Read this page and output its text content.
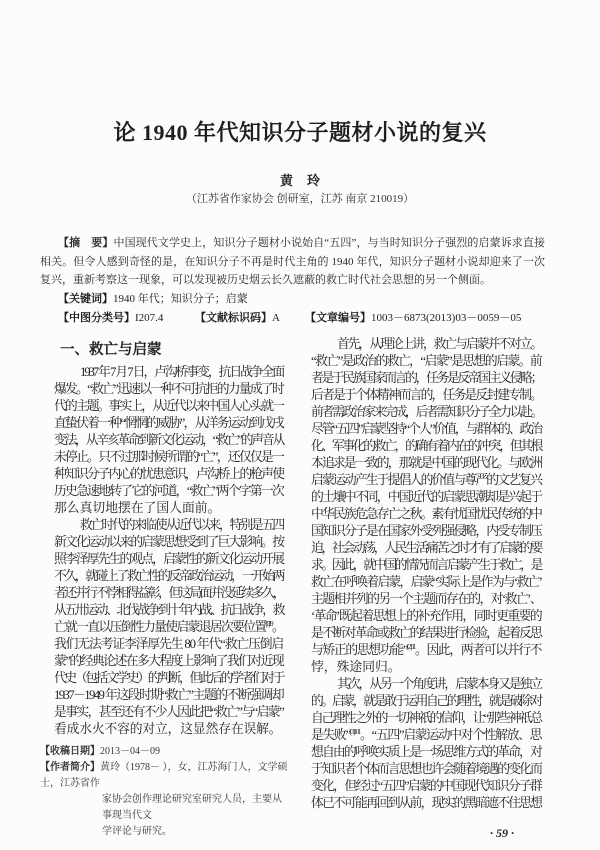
论 1940 年代知识分子题材小说的复兴
黄玲
（江苏省作家协会 创研室，江苏 南京 210019）
【摘　要】中国现代文学史上，知识分子题材小说始自“五四”，与当时知识分子强烈的启蒙诉求直接相关。但令人感到奇怪的是，在知识分子不再是时代主角的 1940 年代，知识分子题材小说却迎来了一次复兴，重新考察这一现象，可以发现被历史烟云长久遮蔽的救亡时代社会思想的另一个侧面。
【关键词】1940 年代；知识分子；启蒙
【中图分类号】I207.4	【文献标识码】A 【文章编号】1003－6873(2013)03－0059－05
一、救亡与启蒙
1937 年 7 月 7 日，卢沟桥事变，抗日战争全面
爆发。“救亡”迅速以一种不可抗拒的力量成了时
代的主题。事实上，从近代以来中国人心头就一
直蛰伏着一种“惘惘的威胁”，从洋务运动到戊戌
变法，从辛亥革命到新文化运动，“救亡”的声音从
未停止。只不过那时候所谓的“亡”，还仅仅是一
种知识分子内心的忧患意识，卢沟桥上的枪声使
历史急速地转了它的河道，“救亡”两个字第一次
那么真切地摆在了国人面前。
救亡时代的来临使从近代以来，特别是五四
新文化运动以来的启蒙思想受到了巨大影响。按
照李泽厚先生的观点，启蒙性的新文化运动开展
不久，就碰上了救亡性的反帝政治运动，一开始两
者还并行不悖相得益彰，但这局面并没延续多久，
从五卅运动、北伐战争到十年内战、抗日战争，救
亡就一直以压倒性力量使启蒙退居次要位置$^{[1]19}$。
我们无法考证李泽厚先生 80 年代“救亡压倒启
蒙”的经典论述在多大程度上影响了我们对近现
代史（包括文学史）的判断，但此后的学者们对于
1937－1949 年这段时期“救亡”主题的不断强调却
是事实，甚至还有不少人因此把“救亡”与“启蒙”
看成水火不容的对立，这显然存在误解。
首先，从理论上讲，救亡与启蒙并不对立。
“救亡”是政治的救亡，“启蒙”是思想的启蒙。前
者是于民族国家而言的，任务是反帝国主义侵略；
后者是于个体精神而言的，任务是反封建专制。
前者需政治家来完成，后者需知识分子全力以赴。
尽管“五四”启蒙坚持“个人”价值，与群体的、政治
化、军事化的救亡，的确有着内在的冲突，但其根
本追求是一致的，那就是中国的现代化。与欧洲
启蒙运动产生于提倡人的价值与尊严的文艺复兴
的土壤中不同，中国近代的启蒙思潮却是兴起于
中华民族危急存亡之秋。素有忧国忧民传统的中
国知识分子是在国家外受列强侵略，内受专制压
迫，社会动荡，人民生活痛苦之时才有了启蒙的要
求。因此，就中国的情况而言启蒙产生于救亡，是
救亡在呼唤着启蒙，启蒙“实际上是作为与‘救亡’
主题相并列的另一个主题而存在的，对‘救亡’、
‘革命’既起着思想上的补充作用，同时更重要的
是不断对革命或救亡的结果进行检验，起着反思
与矫正的思想功能”$^{[2]31}$。因此，两者可以并行不
悖，殊途同归。
其次，从另一个角度讲，启蒙本身又是独立
的。启蒙，就是敢于运用自己的理性，就是破除对
自己理性之外的一切神祇的信仰，让“那些神祇总
是失败”$^{[3]101}$。“五四”启蒙运动中对个性解放、思
想自由的呼唤实质上是一场思维方式的革命，对
于知识者个体而言思想也许会随着境遇的变化而
变化，但经过“五四”启蒙的中国现代知识分子群
体已不可能再回到从前，现实的黑暗遮不住思想
【收稿日期】2013－04－09
【作者简介】黄玲（1978－ ），女，江苏海门人，文学硕士，江苏省作
家协会创作理论研究室研究人员，主要从事现当代文
学评论与研究。	· 59 ·
